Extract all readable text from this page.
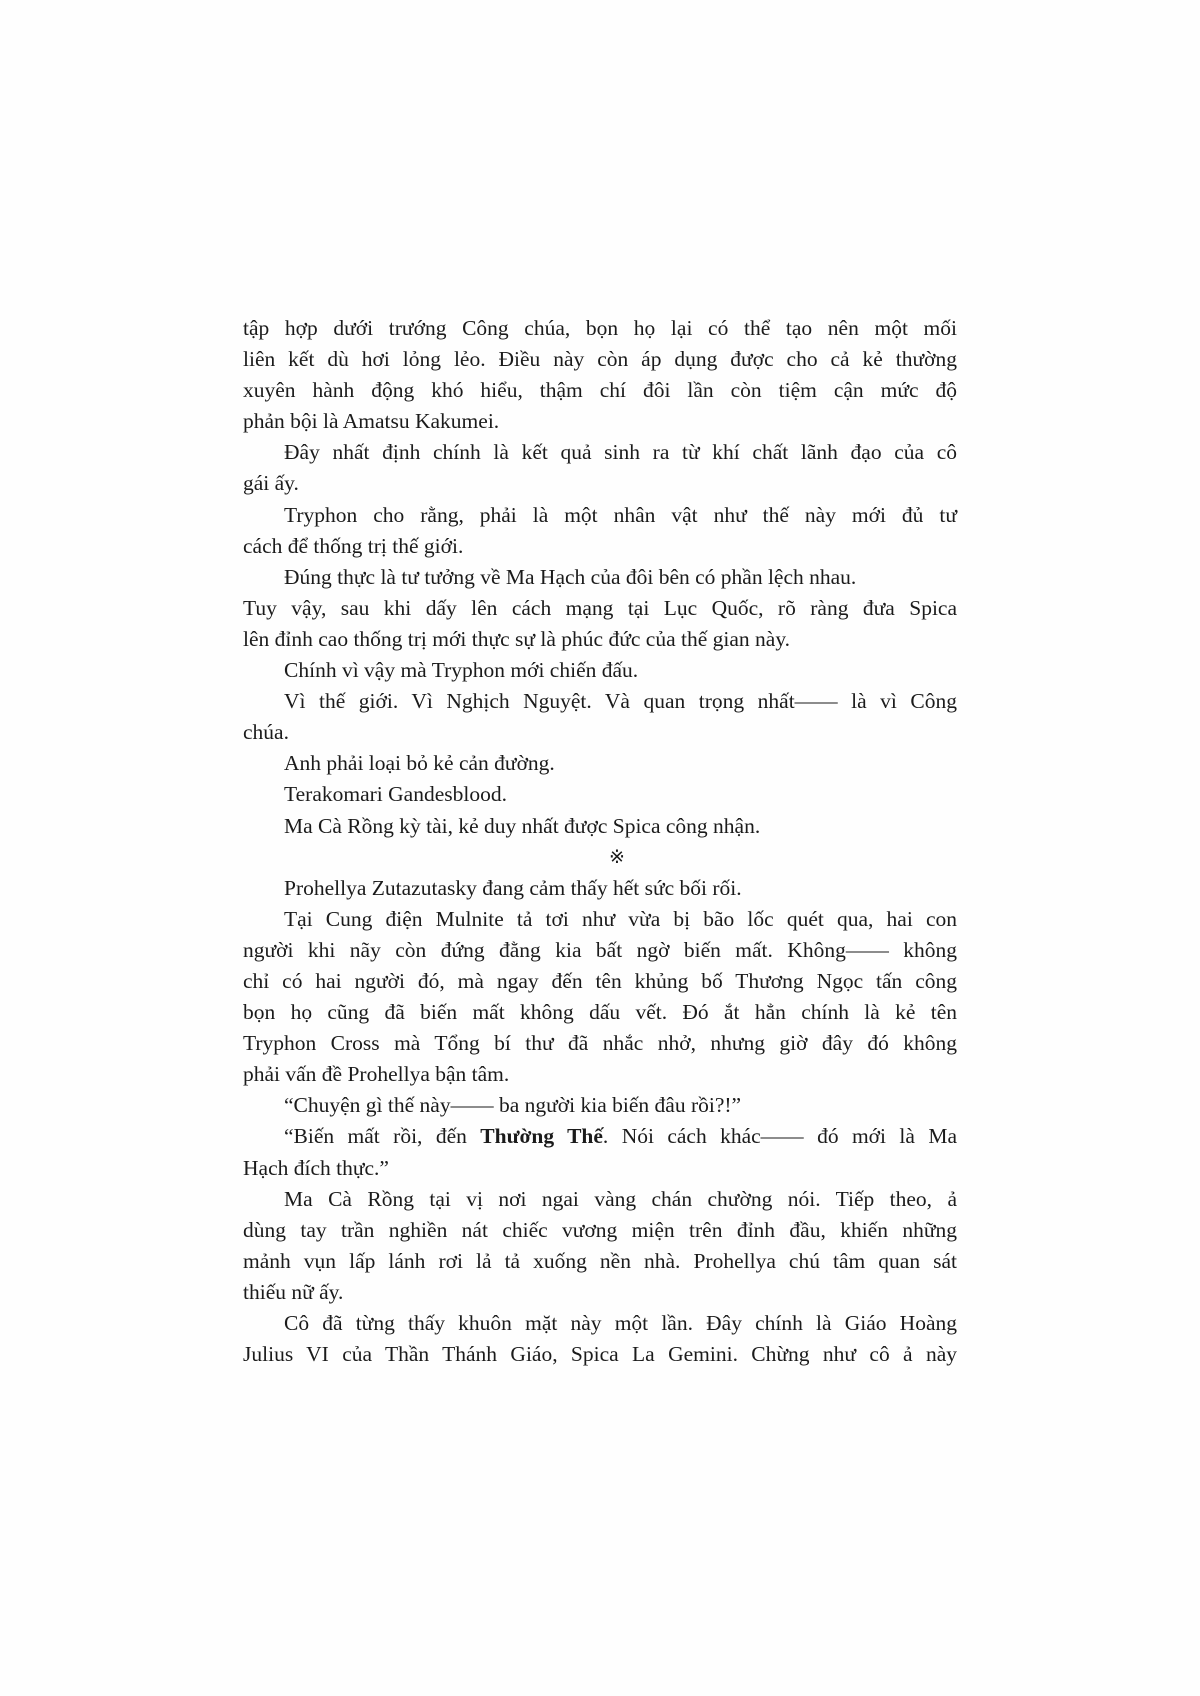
tập hợp dưới trướng Công chúa, bọn họ lại có thể tạo nên một mối
liên kết dù hơi lỏng lẻo. Điều này còn áp dụng được cho cả kẻ thường
xuyên hành động khó hiểu, thậm chí đôi lần còn tiệm cận mức độ
phản bội là Amatsu Kakumei.

Đây nhất định chính là kết quả sinh ra từ khí chất lãnh đạo của cô
gái ấy.

Tryphon cho rằng, phải là một nhân vật như thế này mới đủ tư
cách để thống trị thế giới.

Đúng thực là tư tưởng về Ma Hạch của đôi bên có phần lệch nhau.
Tuy vậy, sau khi dấy lên cách mạng tại Lục Quốc, rõ ràng đưa Spica
lên đỉnh cao thống trị mới thực sự là phúc đức của thế gian này.

Chính vì vậy mà Tryphon mới chiến đấu.

Vì thế giới. Vì Nghịch Nguyệt. Và quan trọng nhất—— là vì Công
chúa.

Anh phải loại bỏ kẻ cản đường.

Terakomari Gandesblood.

Ma Cà Rồng kỳ tài, kẻ duy nhất được Spica công nhận.

※

Prohellya Zutazutasky đang cảm thấy hết sức bối rối.

Tại Cung điện Mulnite tả tơi như vừa bị bão lốc quét qua, hai con
người khi nãy còn đứng đằng kia bất ngờ biến mất. Không—— không
chỉ có hai người đó, mà ngay đến tên khủng bố Thương Ngọc tấn công
bọn họ cũng đã biến mất không dấu vết. Đó ắt hẳn chính là kẻ tên
Tryphon Cross mà Tổng bí thư đã nhắc nhở, nhưng giờ đây đó không
phải vấn đề Prohellya bận tâm.

“Chuyện gì thế này—— ba người kia biến đâu rồi?!”

“Biến mất rồi, đến Thường Thế. Nói cách khác—— đó mới là Ma
Hạch đích thực.”

Ma Cà Rồng tại vị nơi ngai vàng chán chường nói. Tiếp theo, ả
dùng tay trần nghiền nát chiếc vương miện trên đỉnh đầu, khiến những
mảnh vụn lấp lánh rơi lả tả xuống nền nhà. Prohellya chú tâm quan sát
thiếu nữ ấy.

Cô đã từng thấy khuôn mặt này một lần. Đây chính là Giáo Hoàng
Julius VI của Thần Thánh Giáo, Spica La Gemini. Chừng như cô ả này
